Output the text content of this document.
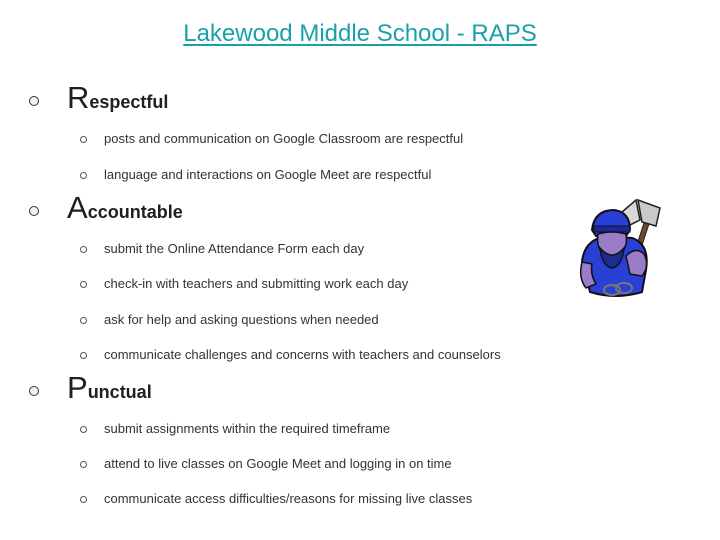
Lakewood Middle School - RAPS
Respectful
posts and communication on Google Classroom are respectful
language and interactions on Google Meet are respectful
Accountable
submit the Online Attendance Form each day
check-in with teachers and submitting work each day
ask for help and asking questions when needed
communicate challenges and concerns with teachers and counselors
Punctual
submit assignments within the required timeframe
attend to live classes on Google Meet and logging in on time
communicate access difficulties/reasons for missing live classes
